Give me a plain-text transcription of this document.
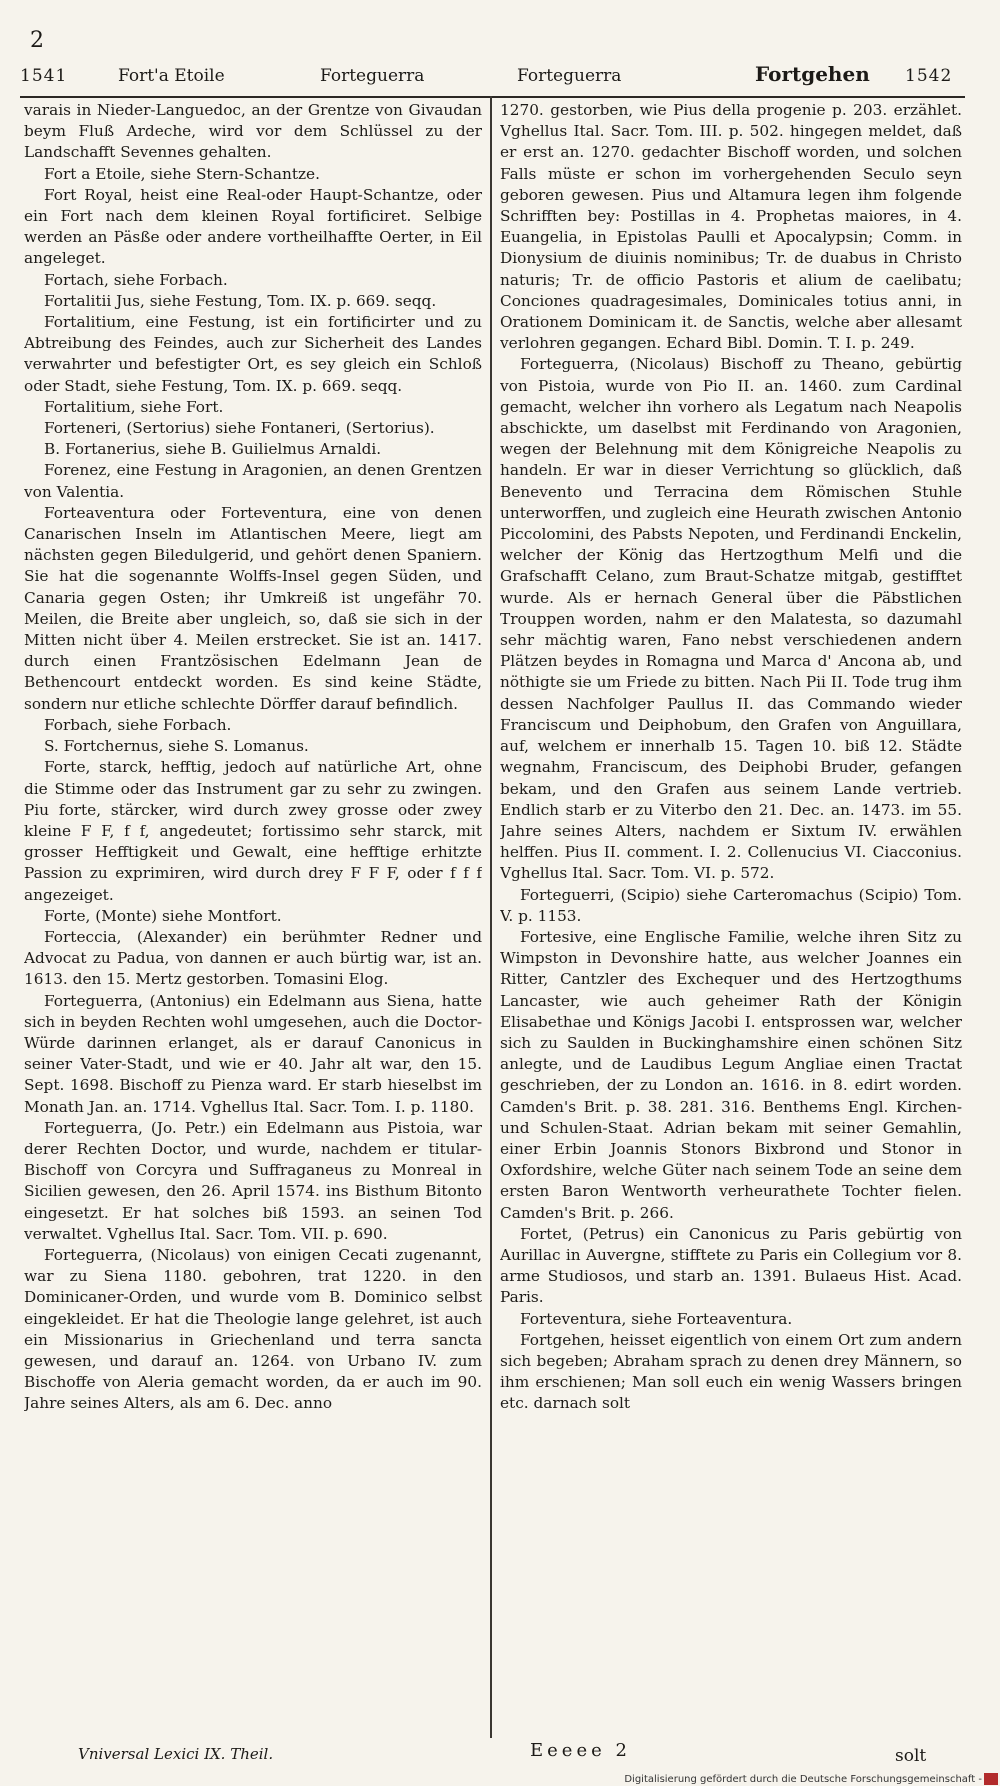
2
1541	Fort'a Etoile	Forteguerra	Forteguerra	Fortgehen 1542

varais in Nieder-Languedoc, an der Grentze von Givaudan beym Fluß Ardeche, wird vor dem Schlüssel zu der Landschafft Sevennes gehalten.

Fort a Etoile, siehe Stern-Schantze.

Fort Royal, heist eine Real-oder Haupt-Schantze, oder ein Fort nach dem kleinen Royal fortificiret. Selbige werden an Päsße oder andere vortheilhaffte Oerter, in Eil angeleget.

Fortach, siehe Forbach.

Fortalitii Jus, siehe Festung, Tom. IX. p. 669. seqq.

Fortalitium, eine Festung, ist ein fortificirter und zu Abtreibung des Feindes, auch zur Sicherheit des Landes verwahrter und befestigter Ort, es sey gleich ein Schloß oder Stadt, siehe Festung, Tom. IX. p. 669. seqq.

Fortalitium, siehe Fort.

Forteneri, (Sertorius) siehe Fontaneri, (Sertorius).

B. Fortanerius, siehe B. Guilielmus Arnaldi.

Forenez, eine Festung in Aragonien, an denen Grentzen von Valentia.

Forteaventura oder Forteventura, eine von denen Canarischen Inseln im Atlantischen Meere, liegt am nächsten gegen Biledulgerid, und gehört denen Spaniern. Sie hat die sogenannte Wolffs-Insel gegen Süden, und Canaria gegen Osten; ihr Umkreiß ist ungefähr 70. Meilen, die Breite aber ungleich, so, daß sie sich in der Mitten nicht über 4. Meilen erstrecket. Sie ist an. 1417. durch einen Frantzösischen Edelmann Jean de Bethencourt entdeckt worden. Es sind keine Städte, sondern nur etliche schlechte Dörffer darauf befindlich.

Forbach, siehe Forbach.

S. Fortchernus, siehe S. Lomanus.

Forte, starck, hefftig, jedoch auf natürliche Art, ohne die Stimme oder das Instrument gar zu sehr zu zwingen. Piu forte, stärcker, wird durch zwey grosse oder zwey kleine F F, f f, angedeutet; fortissimo sehr starck, mit grosser Hefftigkeit und Gewalt, eine hefftige erhitzte Passion zu exprimiren, wird durch drey F F F, oder f f f angezeiget.

Forte, (Monte) siehe Montfort.

Forteccia, (Alexander) ein berühmter Redner und Advocat zu Padua, von dannen er auch bürtig war, ist an. 1613. den 15. Mertz gestorben. Tomasini Elog.

Forteguerra, (Antonius) ein Edelmann aus Siena, hatte sich in beyden Rechten wohl umgesehen, auch die Doctor-Würde darinnen erlanget, als er darauf Canonicus in seiner Vater-Stadt, und wie er 40. Jahr alt war, den 15. Sept. 1698. Bischoff zu Pienza ward. Er starb hieselbst im Monath Jan. an. 1714. Vghellus Ital. Sacr. Tom. I. p. 1180.

Forteguerra, (Jo. Petr.) ein Edelmann aus Pistoia, war derer Rechten Doctor, und wurde, nachdem er titular-Bischoff von Corcyra und Suffraganeus zu Monreal in Sicilien gewesen, den 26. April 1574. ins Bisthum Bitonto eingesetzt. Er hat solches biß 1593. an seinen Tod verwaltet. Vghellus Ital. Sacr. Tom. VII. p. 690.

Forteguerra, (Nicolaus) von einigen Cecati zugenannt, war zu Siena 1180. gebohren, trat 1220. in den Dominicaner-Orden, und wurde vom B. Dominico selbst eingekleidet. Er hat die Theologie lange gelehret, ist auch ein Missionarius in Griechenland und terra sancta gewesen, und darauf an. 1264. von Urbano IV. zum Bischoffe von Aleria gemacht worden, da er auch im 90. Jahre seines Alters, als am 6. Dec. anno

1270. gestorben, wie Pius della progenie p. 203. erzählet. Vghellus Ital. Sacr. Tom. III. p. 502. hingegen meldet, daß er erst an. 1270. gedachter Bischoff worden, und solchen Falls müste er schon im vorhergehenden Seculo seyn geboren gewesen. Pius und Altamura legen ihm folgende Schrifften bey: Postillas in 4. Prophetas maiores, in 4. Euangelia, in Epistolas Paulli et Apocalypsin; Comm. in Dionysium de diuinis nominibus; Tr. de duabus in Christo naturis; Tr. de officio Pastoris et alium de caelibatu; Conciones quadragesimales, Dominicales totius anni, in Orationem Dominicam it. de Sanctis, welche aber allesamt verlohren gegangen. Echard Bibl. Domin. T. I. p. 249.

Forteguerra, (Nicolaus) Bischoff zu Theano, gebürtig von Pistoia, wurde von Pio II. an. 1460. zum Cardinal gemacht, welcher ihn vorhero als Legatum nach Neapolis abschickte, um daselbst mit Ferdinando von Aragonien, wegen der Belehnung mit dem Königreiche Neapolis zu handeln. Er war in dieser Verrichtung so glücklich, daß Benevento und Terracina dem Römischen Stuhle unterworffen, und zugleich eine Heurath zwischen Antonio Piccolomini, des Pabsts Nepoten, und Ferdinandi Enckelin, welcher der König das Hertzogthum Melfi und die Grafschafft Celano, zum Braut-Schatze mitgab, gestifftet wurde. Als er hernach General über die Päbstlichen Trouppen worden, nahm er den Malatesta, so dazumahl sehr mächtig waren, Fano nebst verschiedenen andern Plätzen beydes in Romagna und Marca d' Ancona ab, und nöthigte sie um Friede zu bitten. Nach Pii II. Tode trug ihm dessen Nachfolger Paullus II. das Commando wieder Franciscum und Deiphobum, den Grafen von Anguillara, auf, welchem er innerhalb 15. Tagen 10. biß 12. Städte wegnahm, Franciscum, des Deiphobi Bruder, gefangen bekam, und den Grafen aus seinem Lande vertrieb. Endlich starb er zu Viterbo den 21. Dec. an. 1473. im 55. Jahre seines Alters, nachdem er Sixtum IV. erwählen helffen. Pius II. comment. I. 2. Collenucius VI. Ciacconius. Vghellus Ital. Sacr. Tom. VI. p. 572.

Forteguerri, (Scipio) siehe Carteromachus (Scipio) Tom. V. p. 1153.

Fortesive, eine Englische Familie, welche ihren Sitz zu Wimpston in Devonshire hatte, aus welcher Joannes ein Ritter, Cantzler des Exchequer und des Hertzogthums Lancaster, wie auch geheimer Rath der Königin Elisabethae und Königs Jacobi I. entsprossen war, welcher sich zu Saulden in Buckinghamshire einen schönen Sitz anlegte, und de Laudibus Legum Angliae einen Tractat geschrieben, der zu London an. 1616. in 8. edirt worden. Camden's Brit. p. 38. 281. 316. Benthems Engl. Kirchen- und Schulen-Staat. Adrian bekam mit seiner Gemahlin, einer Erbin Joannis Stonors Bixbrond und Stonor in Oxfordshire, welche Güter nach seinem Tode an seine dem ersten Baron Wentworth verheurathete Tochter fielen. Camden's Brit. p. 266.

Fortet, (Petrus) ein Canonicus zu Paris gebürtig von Aurillac in Auvergne, stifftete zu Paris ein Collegium vor 8. arme Studiosos, und starb an. 1391. Bulaeus Hist. Acad. Paris.

Forteventura, siehe Forteaventura.

Fortgehen, heisset eigentlich von einem Ort zum andern sich begeben; Abraham sprach zu denen drey Männern, so ihm erschienen; Man soll euch ein wenig Wassers bringen etc. darnach solt

Vniversal Lexici IX. Theil.	Eeeee 2	solt
Digitalisierung gefördert durch die Deutsche Forschungsgemeinschaft -
